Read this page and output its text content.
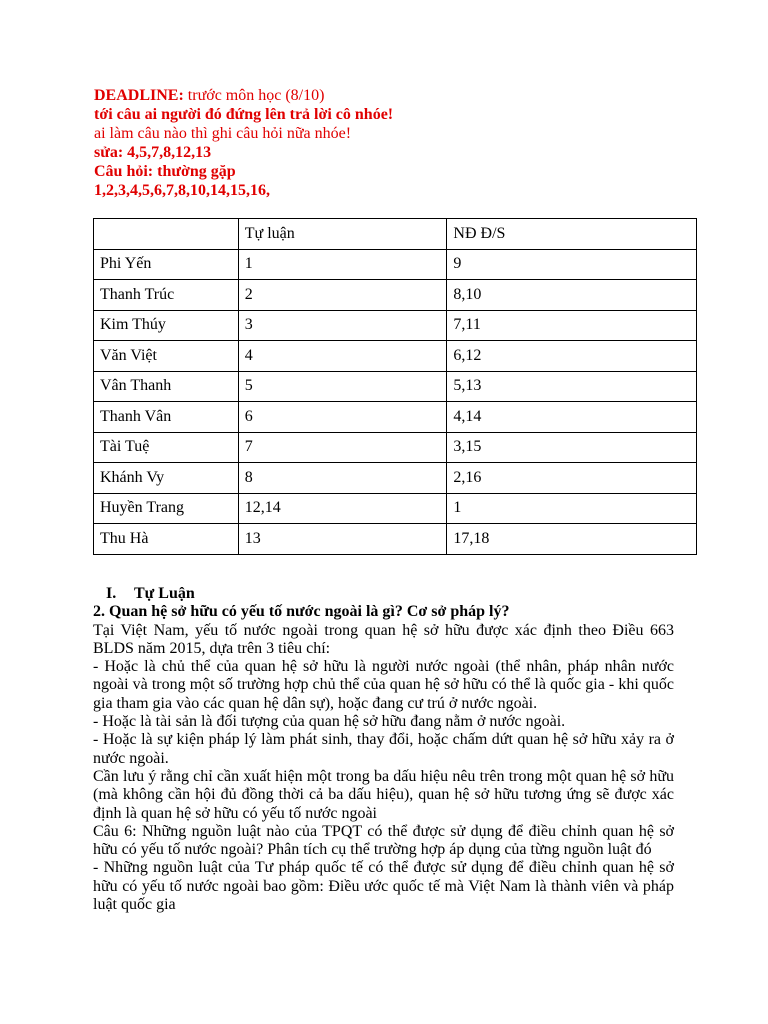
DEADLINE: trước môn học (8/10)
tới câu ai người đó đứng lên trả lời cô nhóe!
ai làm câu nào thì ghi câu hỏi nữa nhóe!
sửa: 4,5,7,8,12,13
Câu hỏi: thường gặp
1,2,3,4,5,6,7,8,10,14,15,16,
	Tự luận	NĐ Đ/S
Phi Yến	1	9
Thanh Trúc	2	8,10
Kim Thúy	3	7,11
Văn Việt	4	6,12
Vân Thanh	5	5,13
Thanh Vân	6	4,14
Tài Tuệ	7	3,15
Khánh Vy	8	2,16
Huyền Trang	12,14	1
Thu Hà	13	17,18
I. Tự Luận

2. Quan hệ sở hữu có yếu tố nước ngoài là gì? Cơ sở pháp lý?

Tại Việt Nam, yếu tố nước ngoài trong quan hệ sở hữu được xác định theo Điều 663 BLDS năm 2015, dựa trên 3 tiêu chí:

- Hoặc là chủ thể của quan hệ sở hữu là người nước ngoài (thể nhân, pháp nhân nước ngoài và trong một số trường hợp chủ thể của quan hệ sở hữu có thể là quốc gia - khi quốc gia tham gia vào các quan hệ dân sự), hoặc đang cư trú ở nước ngoài.

- Hoặc là tài sản là đối tượng của quan hệ sở hữu đang nằm ở nước ngoài.

- Hoặc là sự kiện pháp lý làm phát sinh, thay đổi, hoặc chấm dứt quan hệ sở hữu xảy ra ở nước ngoài.

Cần lưu ý rằng chỉ cần xuất hiện một trong ba dấu hiệu nêu trên trong một quan hệ sở hữu (mà không cần hội đủ đồng thời cả ba dấu hiệu), quan hệ sở hữu tương ứng sẽ được xác định là quan hệ sở hữu có yếu tố nước ngoài

Câu 6: Những nguồn luật nào của TPQT có thể được sử dụng để điều chỉnh quan hệ sở hữu có yếu tố nước ngoài? Phân tích cụ thể trường hợp áp dụng của từng nguồn luật đó

- Những nguồn luật của Tư pháp quốc tế có thể được sử dụng để điều chỉnh quan hệ sở hữu có yếu tố nước ngoài bao gồm: Điều ước quốc tế mà Việt Nam là thành viên và pháp luật quốc gia
